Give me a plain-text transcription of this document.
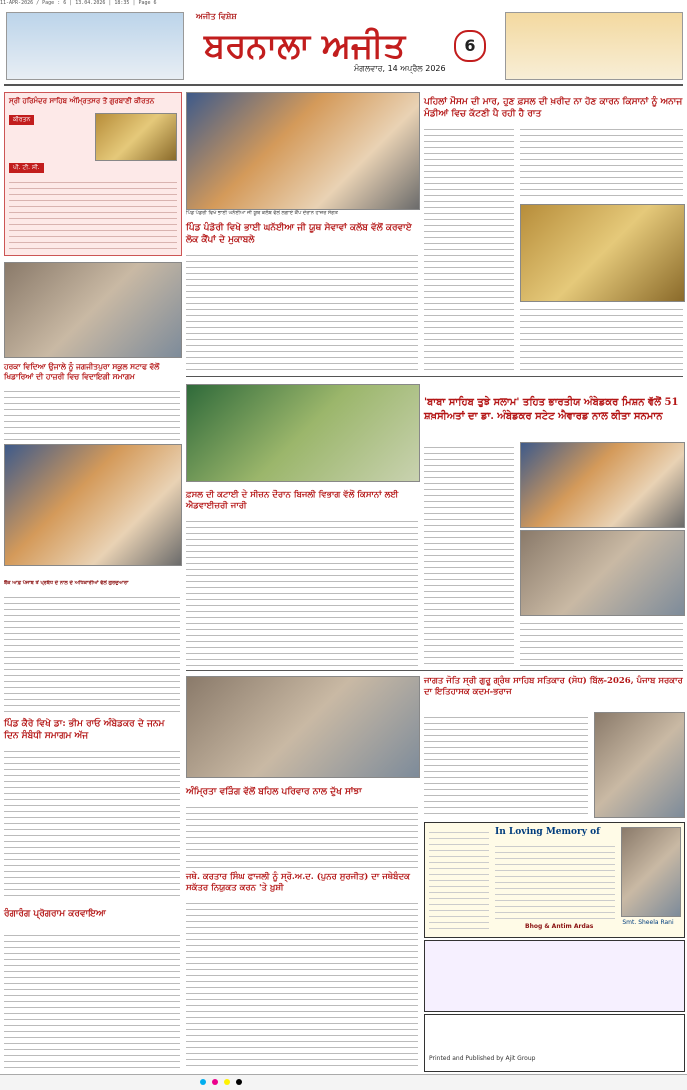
11-APR-2026 / Page : 6 | 13.04.2026 | 18:35 | Page 6
ਅਜੀਤ ਵਿਸ਼ੇਸ਼
ਬਰਨਾਲਾ ਅਜੀਤ
ਮੰਗਲਵਾਰ, 14 ਅਪ੍ਰੈਲ 2026
6
ਸ੍ਰੀ ਹਰਿਮੰਦਰ ਸਾਹਿਬ ਅੰਮ੍ਰਿਤਸਰ ਤੋਂ ਗੁਰਬਾਣੀ ਕੀਰਤਨ
ਕੀਰਤਨ
ਪੀ. ਟੀ. ਸੀ.
ਹਰਕਾ ਵਿਦਿਆ ਉਜਾਲੇ ਨੂੰ ਜਗਜੀਤਪੁਰਾ ਸਕੂਲ ਸਟਾਫ ਵੱਲੋਂ ਖਿਡਾਰਿਆਂ ਦੀ ਹਾਜ਼ਰੀ ਵਿਚ ਵਿਦਾਇਗੀ ਸਮਾਗਮ
ਬੈਂਕ ਆਫ਼ ਪੰਜਾਬ ਤੋਂ ਪ੍ਰਬੰਧ ਦੇ ਨਾਲ ਦੇ ਅਧਿਕਾਰੀਆਂ ਵੱਲੋਂ ਗੁਰਦੁਆਰਾ
ਪਿੰਡ ਕੈਰੇ ਵਿਖੇ ਡਾ: ਭੀਮ ਰਾਓ ਅੰਬੇਡਕਰ ਦੇ ਜਨਮ ਦਿਨ ਸੰਬੰਧੀ ਸਮਾਗਮ ਅੱਜ
ਰੰਗਾਰੰਗ ਪ੍ਰੋਗਰਾਮ ਕਰਵਾਇਆ
ਪਿੰਡ ਪੰਡੋਰੀ ਵਿਖੇ ਭਾਈ ਘਨੱਈਆ ਜੀ ਯੂਥ ਕਲੱਬ ਵੱਲੋਂ ਲਗਾਏ ਕੈਂਪ ਦੌਰਾਨ ਹਾਜ਼ਰ ਸੰਗਤ
ਪਿੰਡ ਪੰਡੋਰੀ ਵਿਖੇ ਭਾਈ ਘਨੱਈਆ ਜੀ ਯੂਥ ਸੇਵਾਵਾਂ ਕਲੱਬ ਵੱਲੋਂ ਕਰਵਾਏ ਲੋਕ ਕੈਂਪਾਂ ਦੇ ਮੁਕਾਬਲੇ
ਪਹਿਲਾਂ ਮੌਸਮ ਦੀ ਮਾਰ, ਹੁਣ ਫ਼ਸਲ ਦੀ ਖ਼ਰੀਦ ਨਾ ਹੋਣ ਕਾਰਨ ਕਿਸਾਨਾਂ ਨੂੰ ਅਨਾਜ ਮੰਡੀਆਂ ਵਿਚ ਕੱਟਣੀ ਪੈ ਰਹੀ ਹੈ ਰਾਤ
ਫ਼ਸਲ ਦੀ ਕਟਾਈ ਦੇ ਸੀਜ਼ਨ ਦੌਰਾਨ ਬਿਜਲੀ ਵਿਭਾਗ ਵੱਲੋਂ ਕਿਸਾਨਾਂ ਲਈ ਐਡਵਾਈਜ਼ਰੀ ਜਾਰੀ
'ਬਾਬਾ ਸਾਹਿਬ ਤੁਝੇ ਸਲਾਮ' ਤਹਿਤ ਭਾਰਤੀਯ ਅੰਬੇਡਕਰ ਮਿਸ਼ਨ ਵੱਲੋਂ 51 ਸ਼ਖ਼ਸੀਅਤਾਂ ਦਾ ਡਾ. ਅੰਬੇਡਕਰ ਸਟੇਟ ਐਵਾਰਡ ਨਾਲ ਕੀਤਾ ਸਨਮਾਨ
ਅੰਮ੍ਰਿਤਾ ਵੜਿੰਗ ਵੱਲੋਂ ਬਹਿਲ ਪਰਿਵਾਰ ਨਾਲ ਦੁੱਖ ਸਾਂਝਾ
ਜਥੇ. ਕਰਤਾਰ ਸਿੰਘ ਫਾਜਲੀ ਨੂੰ ਸ੍ਰੋ.ਅ.ਦ. (ਪੁਨਰ ਸੁਰਜੀਤ) ਦਾ ਜਥੇਬੰਦਕ ਸਕੱਤਰ ਨਿਯੁਕਤ ਕਰਨ 'ਤੇ ਖ਼ੁਸ਼ੀ
ਜਾਗਤ ਜੋਤਿ ਸ੍ਰੀ ਗੁਰੂ ਗ੍ਰੰਥ ਸਾਹਿਬ ਸਤਿਕਾਰ (ਸੋਧ) ਬਿੱਲ-2026, ਪੰਜਾਬ ਸਰਕਾਰ ਦਾ ਇਤਿਹਾਸਕ ਕਦਮ-ਭਰਾਜ
In Loving Memory of
Bhog & Antim Ardas
Smt. Sheela Rani
Printed and Published by Ajit Group
